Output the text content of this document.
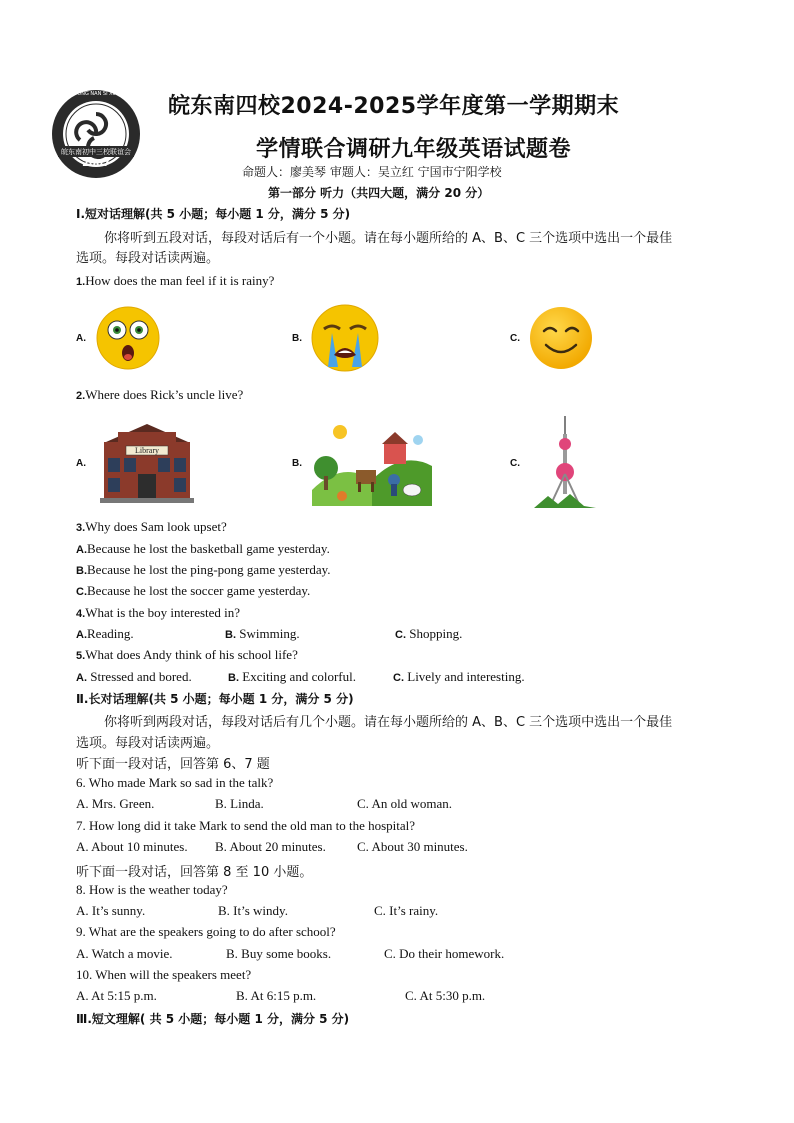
WAN DONG NAN SI XIAO LIAN HE
皖东南初中三校联谊会
2007
皖东南四校2024-2025学年度第一学期期末
学情联合调研九年级英语试题卷
命题人：廖美琴 审题人：吴立红 宁国市宁阳学校
第一部分 听力（共四大题，满分 20 分）
Ⅰ.短对话理解(共 5 小题；每小题 1 分，满分 5 分)
你将听到五段对话，每段对话后有一个小题。请在每小题所给的 A、B、C 三个选项中选出一个最佳
选项。每段对话读两遍。
1.How does the man feel if it is rainy?
A.	B.	C.
2.Where does Rick’s uncle live?
A.
Library
B.	C.
3.Why does Sam look upset?
A.Because he lost the basketball game yesterday.
B.Because he lost the ping-pong game yesterday.
C.Because he lost the soccer game yesterday.
4.What is the boy interested in?
A.Reading.	B. Swimming.	C. Shopping.
5.What does Andy think of his school life?
A. Stressed and bored.	B. Exciting and colorful.	C. Lively and interesting.
Ⅱ.长对话理解(共 5 小题；每小题 1 分，满分 5 分)
你将听到两段对话，每段对话后有几个小题。请在每小题所给的 A、B、C 三个选项中选出一个最佳
选项。每段对话读两遍。
听下面一段对话，回答第 6、7 题
6. Who made Mark so sad in the talk?
A. Mrs. Green.	B. Linda.	C. An old woman.
7. How long did it take Mark to send the old man to the hospital?
A. About 10 minutes. B. About 20 minutes. C. About 30 minutes.
听下面一段对话，回答第 8 至 10 小题。
8. How is the weather today?
A. It’s sunny.	B. It’s windy.	C. It’s rainy.
9. What are the speakers going to do after school?
A. Watch a movie.	B. Buy some books.	C. Do their homework.
10. When will the speakers meet?
A. At 5:15 p.m.	B. At 6:15 p.m.	C. At 5:30 p.m.
Ⅲ.短文理解( 共 5 小题；每小题 1 分，满分 5 分)
